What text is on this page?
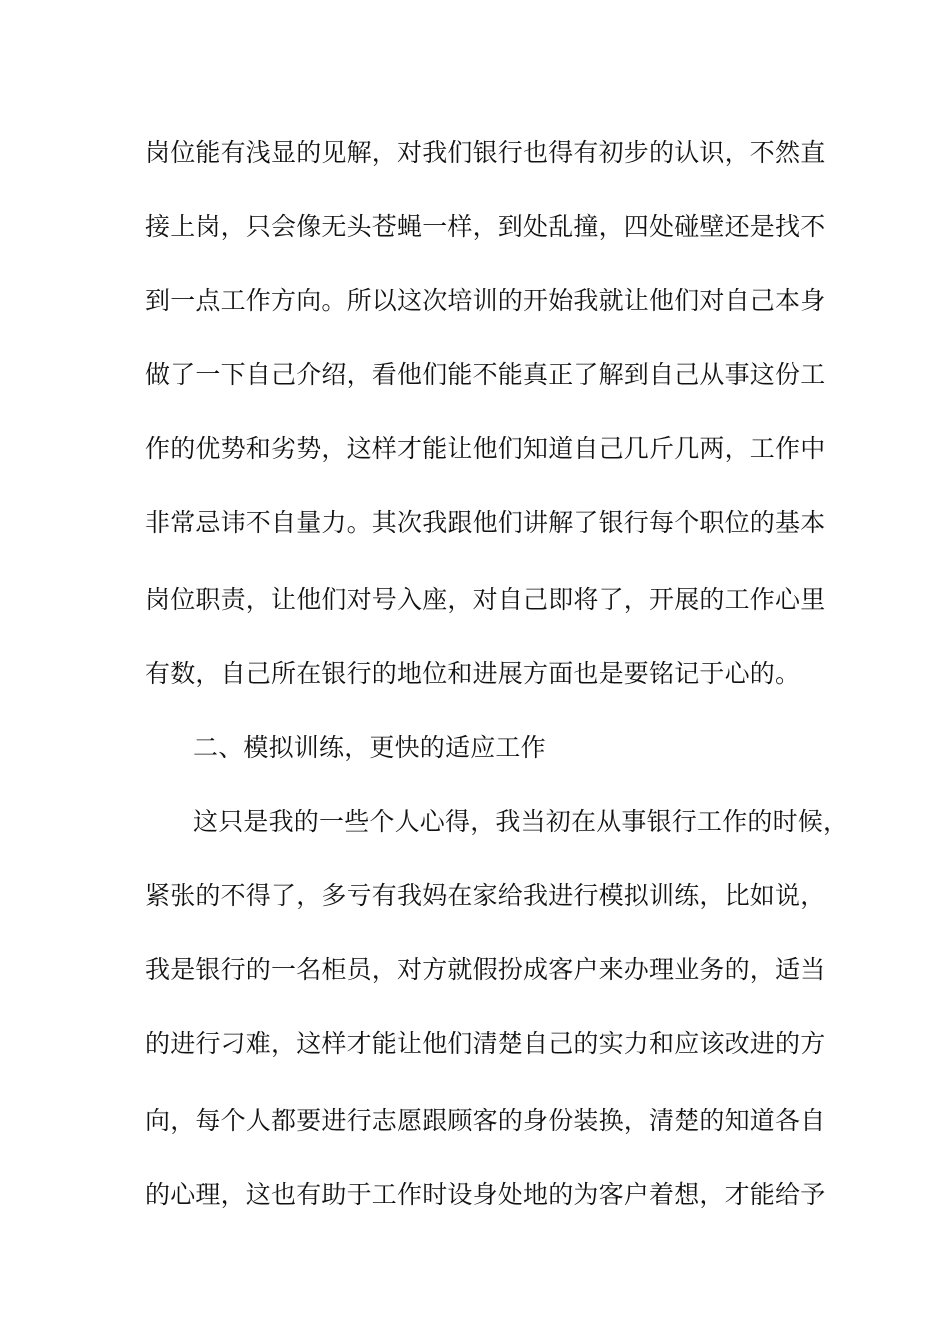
岗位能有浅显的见解，对我们银行也得有初步的认识，不然直
接上岗，只会像无头苍蝇一样，到处乱撞，四处碰壁还是找不
到一点工作方向。所以这次培训的开始我就让他们对自己本身
做了一下自己介绍，看他们能不能真正了解到自己从事这份工
作的优势和劣势，这样才能让他们知道自己几斤几两，工作中
非常忌讳不自量力。其次我跟他们讲解了银行每个职位的基本
岗位职责，让他们对号入座，对自己即将了，开展的工作心里
有数，自己所在银行的地位和进展方面也是要铭记于心的。
二、模拟训练，更快的适应工作
这只是我的一些个人心得，我当初在从事银行工作的时候，
紧张的不得了，多亏有我妈在家给我进行模拟训练，比如说，
我是银行的一名柜员，对方就假扮成客户来办理业务的，适当
的进行刁难，这样才能让他们清楚自己的实力和应该改进的方
向，每个人都要进行志愿跟顾客的身份装换，清楚的知道各自
的心理，这也有助于工作时设身处地的为客户着想，才能给予
